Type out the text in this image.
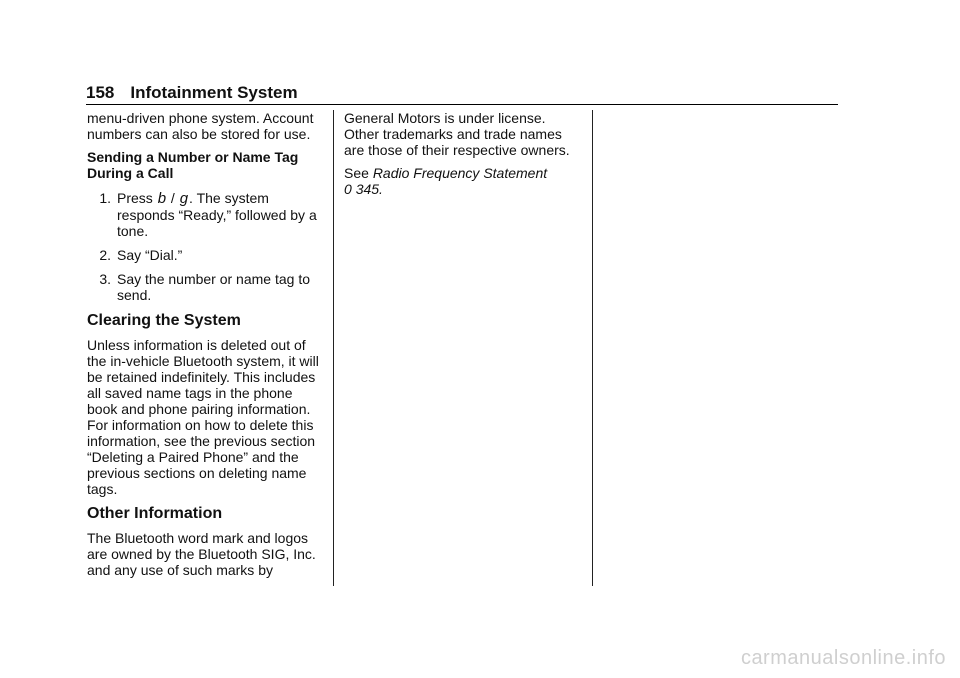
158 Infotainment System

menu-driven phone system. Account numbers can also be stored for use.

Sending a Number or Name Tag During a Call

1. Press b / g. The system responds “Ready,” followed by a tone.
2. Say “Dial.”
3. Say the number or name tag to send.
Clearing the System

Unless information is deleted out of the in-vehicle Bluetooth system, it will be retained indefinitely. This includes all saved name tags in the phone book and phone pairing information. For information on how to delete this information, see the previous section “Deleting a Paired Phone” and the previous sections on deleting name tags.

Other Information

The Bluetooth word mark and logos are owned by the Bluetooth SIG, Inc. and any use of such marks by

General Motors is under license. Other trademarks and trade names are those of their respective owners.

See Radio Frequency Statement
0 345.

carmanualsonline.info
